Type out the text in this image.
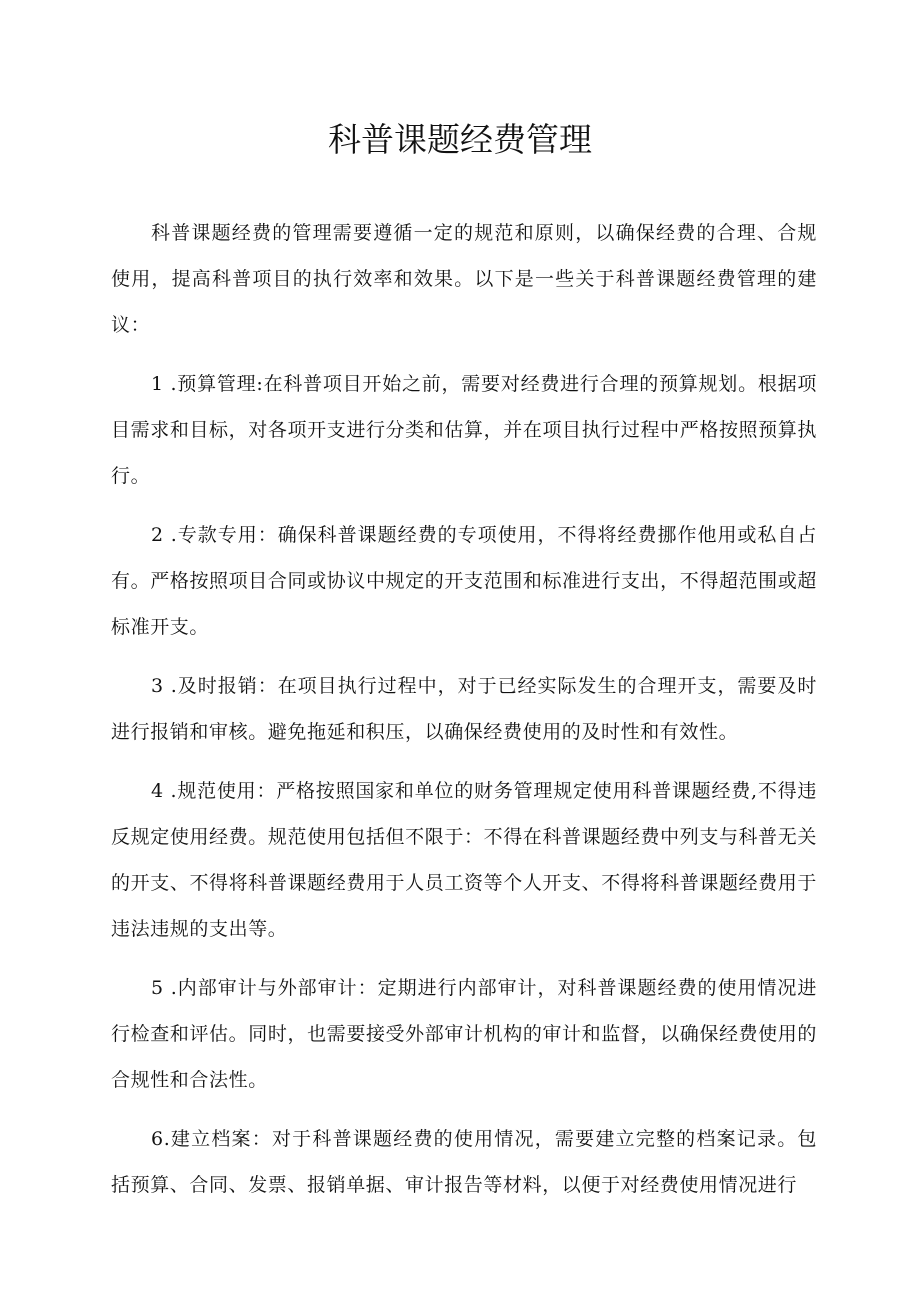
科普课题经费管理

科普课题经费的管理需要遵循一定的规范和原则，以确保经费的合理、合规使用，提高科普项目的执行效率和效果。以下是一些关于科普课题经费管理的建议：

1 .预算管理:在科普项目开始之前，需要对经费进行合理的预算规划。根据项目需求和目标，对各项开支进行分类和估算，并在项目执行过程中严格按照预算执行。

2 .专款专用：确保科普课题经费的专项使用，不得将经费挪作他用或私自占有。严格按照项目合同或协议中规定的开支范围和标准进行支出，不得超范围或超标准开支。

3 .及时报销：在项目执行过程中，对于已经实际发生的合理开支，需要及时进行报销和审核。避免拖延和积压，以确保经费使用的及时性和有效性。

4 .规范使用：严格按照国家和单位的财务管理规定使用科普课题经费,不得违反规定使用经费。规范使用包括但不限于：不得在科普课题经费中列支与科普无关的开支、不得将科普课题经费用于人员工资等个人开支、不得将科普课题经费用于违法违规的支出等。

5 .内部审计与外部审计：定期进行内部审计，对科普课题经费的使用情况进行检查和评估。同时，也需要接受外部审计机构的审计和监督，以确保经费使用的合规性和合法性。

6.建立档案：对于科普课题经费的使用情况，需要建立完整的档案记录。包括预算、合同、发票、报销单据、审计报告等材料，以便于对经费使用情况进行
